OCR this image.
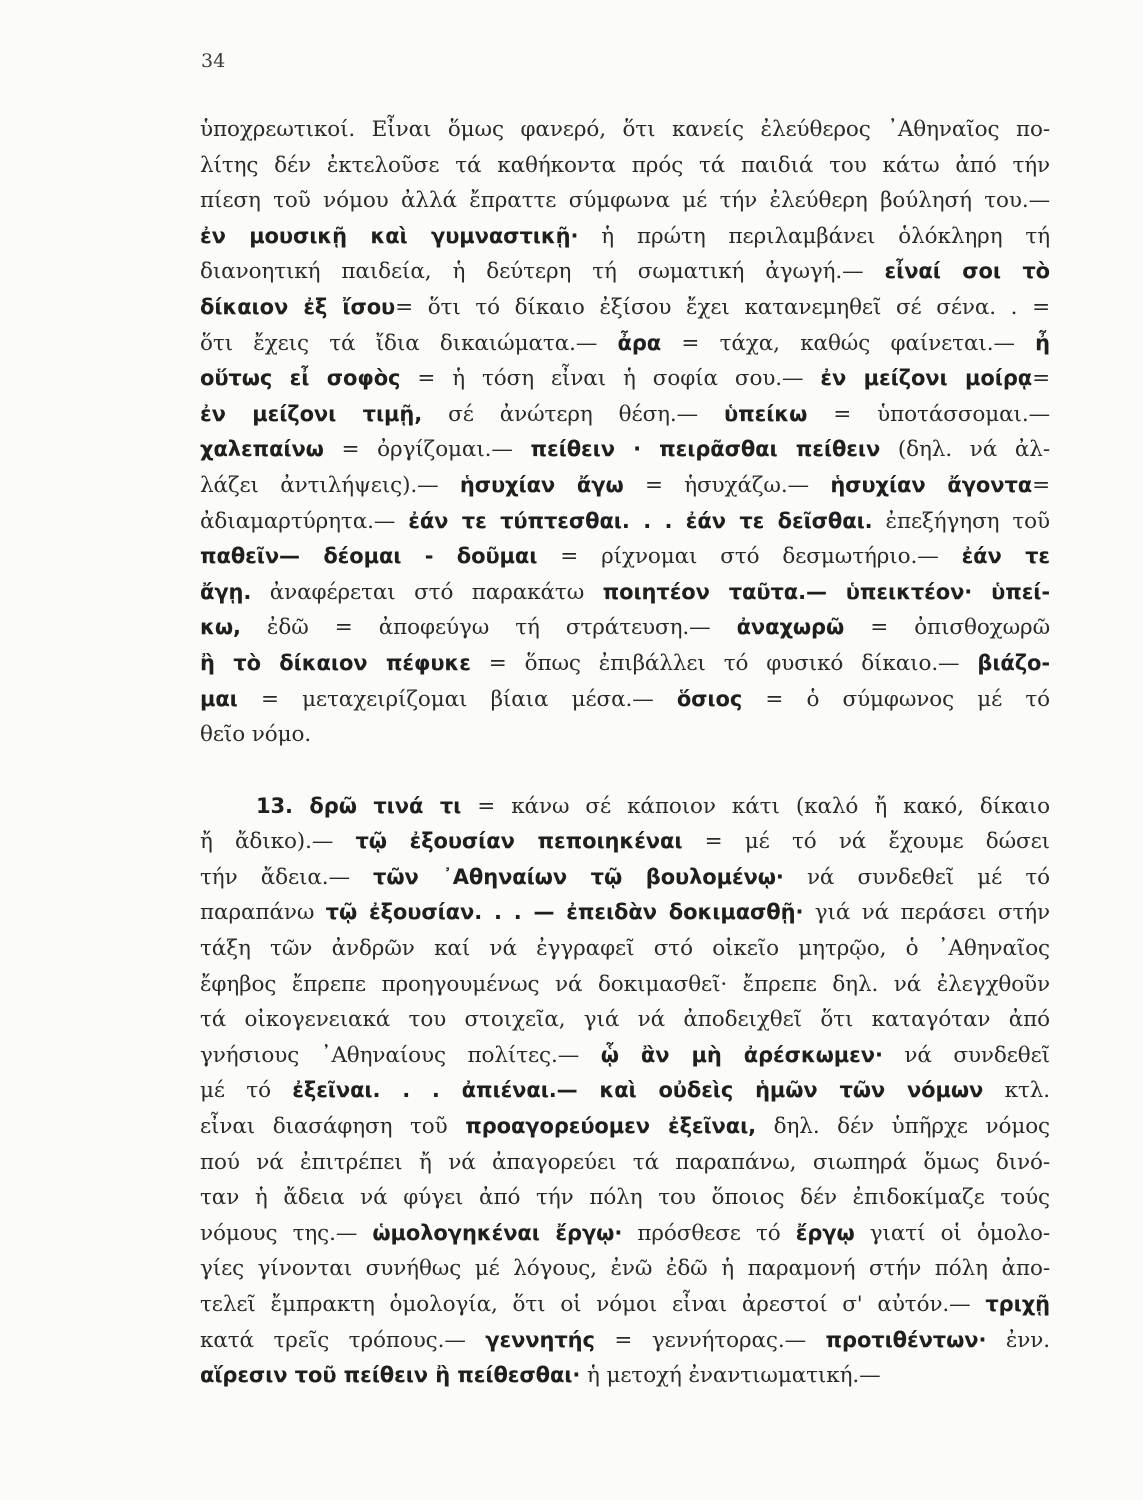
34

ὑποχρεωτικοί. Εἶναι ὅμως φανερό, ὅτι κανείς ἐλεύθερος ᾿Αθηναῖος πο-

λίτης δέν ἐκτελοῦσε τά καθήκοντα πρός τά παιδιά του κάτω ἀπό τήν

πίεση τοῦ νόμου ἀλλά ἔπραττε σύμφωνα μέ τήν ἐλεύθερη βούλησή του.—

ἐν μουσικῇ καὶ γυμναστικῇ· ἡ πρώτη περιλαμβάνει ὁλόκληρη τή

διανοητική παιδεία, ἡ δεύτερη τή σωματική ἀγωγή.— εἶναί σοι τὸ

δίκαιον ἐξ ἴσου= ὅτι τό δίκαιο ἐξίσου ἔχει κατανεμηθεῖ σέ σένα. . =

ὅτι ἔχεις τά ἴδια δικαιώματα.— ἆρα = τάχα, καθώς φαίνεται.— ἦ

οὕτως εἶ σοφὸς = ἡ τόση εἶναι ἡ σοφία σου.— ἐν μείζονι μοίρᾳ=

ἐν μείζονι τιμῇ, σέ ἀνώτερη θέση.— ὑπείκω = ὑποτάσσομαι.—

χαλεπαίνω = ὀργίζομαι.— πείθειν · πειρᾶσθαι πείθειν (δηλ. νά ἀλ-

λάζει ἀντιλήψεις).— ἡσυχίαν ἄγω = ἡσυχάζω.— ἡσυχίαν ἄγοντα=

ἀδιαμαρτύρητα.— ἐάν τε τύπτεσθαι. . . ἐάν τε δεῖσθαι. ἐπεξήγηση τοῦ

παθεῖν— δέομαι - δοῦμαι = ρίχνομαι στό δεσμωτήριο.— ἐάν τε

ἄγῃ. ἀναφέρεται στό παρακάτω ποιητέον ταῦτα.— ὑπεικτέον· ὑπεί-

κω, ἐδῶ = ἀποφεύγω τή στράτευση.— ἀναχωρῶ = ὀπισθοχωρῶ

ἢ τὸ δίκαιον πέφυκε = ὅπως ἐπιβάλλει τό φυσικό δίκαιο.— βιάζο-

μαι = μεταχειρίζομαι βίαια μέσα.— ὅσιος = ὁ σύμφωνος μέ τό

θεῖο νόμο.

13. δρῶ τινά τι = κάνω σέ κάποιον κάτι (καλό ἤ κακό, δίκαιο

ἤ ἄδικο).— τῷ ἐξουσίαν πεποιηκέναι = μέ τό νά ἔχουμε δώσει

τήν ἄδεια.— τῶν ᾿Αθηναίων τῷ βουλομένῳ· νά συνδεθεῖ μέ τό

παραπάνω τῷ ἐξουσίαν. . . — ἐπειδὰν δοκιμασθῇ· γιά νά περάσει στήν

τάξη τῶν ἀνδρῶν καί νά ἐγγραφεῖ στό οἰκεῖο μητρῷο, ὁ ᾿Αθηναῖος

ἔφηβος ἔπρεπε προηγουμένως νά δοκιμασθεῖ· ἔπρεπε δηλ. νά ἐλεγχθοῦν

τά οἰκογενειακά του στοιχεῖα, γιά νά ἀποδειχθεῖ ὅτι καταγόταν ἀπό

γνήσιους ᾿Αθηναίους πολίτες.— ᾧ ἂν μὴ ἀρέσκωμεν· νά συνδεθεῖ

μέ τό ἐξεῖναι. . . ἀπιέναι.— καὶ οὐδεὶς ἡμῶν τῶν νόμων κτλ.

εἶναι διασάφηση τοῦ προαγορεύομεν ἐξεῖναι, δηλ. δέν ὑπῆρχε νόμος

πού νά ἐπιτρέπει ἤ νά ἀπαγορεύει τά παραπάνω, σιωπηρά ὅμως δινό-

ταν ἡ ἄδεια νά φύγει ἀπό τήν πόλη του ὅποιος δέν ἐπιδοκίμαζε τούς

νόμους της.— ὡμολογηκέναι ἔργῳ· πρόσθεσε τό ἔργῳ γιατί οἱ ὁμολο-

γίες γίνονται συνήθως μέ λόγους, ἐνῶ ἐδῶ ἡ παραμονή στήν πόλη ἀπο-

τελεῖ ἔμπρακτη ὁμολογία, ὅτι οἱ νόμοι εἶναι ἀρεστοί σ' αὐτόν.— τριχῇ

κατά τρεῖς τρόπους.— γεννητής = γεννήτορας.— προτιθέντων· ἐνν.

αἵρεσιν τοῦ πείθειν ἢ πείθεσθαι· ἡ μετοχή ἐναντιωματική.—
